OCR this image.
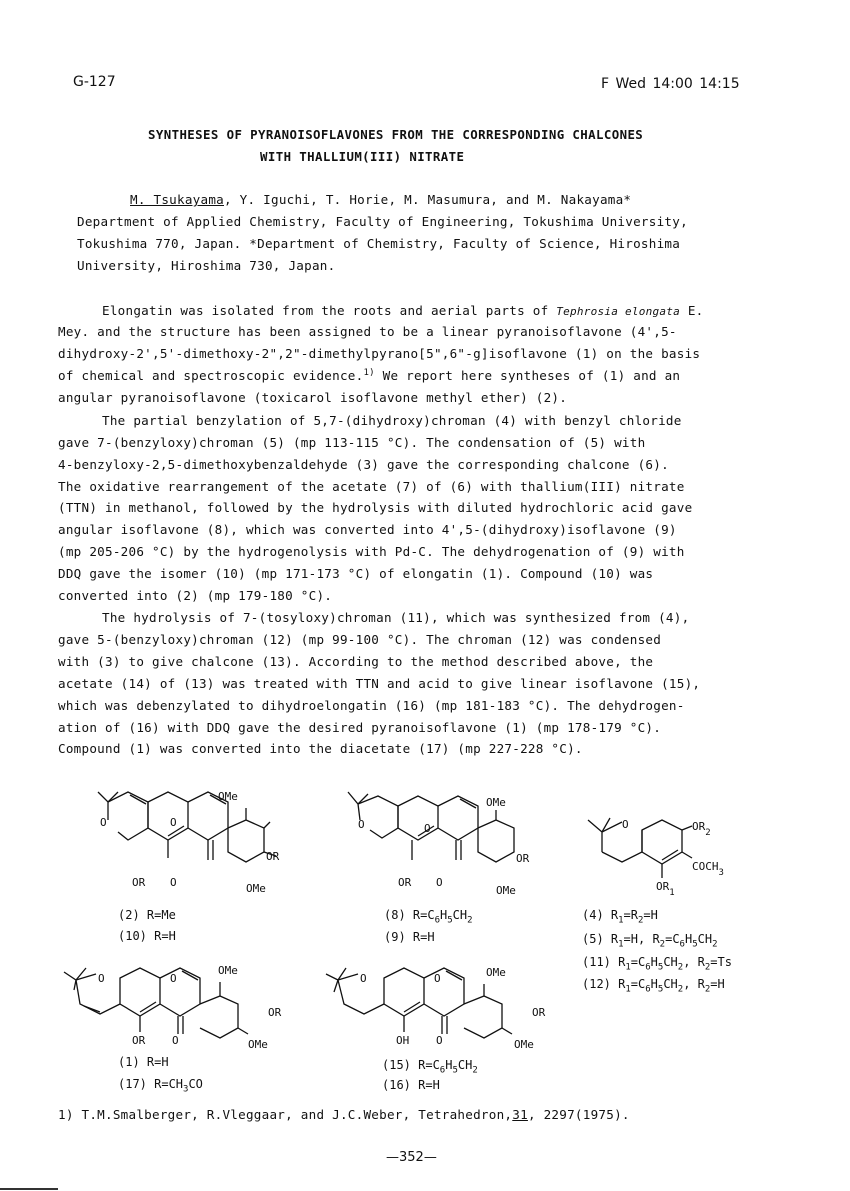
G-127	F Wed 14:00 14:15
SYNTHESES OF PYRANOISOFLAVONES FROM THE CORRESPONDING CHALCONES
WITH THALLIUM(III) NITRATE
M. Tsukayama, Y. Iguchi, T. Horie, M. Masumura, and M. Nakayama*
Department of Applied Chemistry, Faculty of Engineering, Tokushima University,
Tokushima 770, Japan. *Department of Chemistry, Faculty of Science, Hiroshima
University, Hiroshima 730, Japan.
Elongatin was isolated from the roots and aerial parts of Tephrosia elongata E.
Mey. and the structure has been assigned to be a linear pyranoisoflavone (4',5-
dihydroxy-2',5'-dimethoxy-2",2"-dimethylpyrano[5",6"-g]isoflavone (1) on the basis
of chemical and spectroscopic evidence.$^{1)}$ We report here syntheses of (1) and an
angular pyranoisoflavone (toxicarol isoflavone methyl ether) (2).
The partial benzylation of 5,7-(dihydroxy)chroman (4) with benzyl chloride
gave 7-(benzyloxy)chroman (5) (mp 113-115 °C). The condensation of (5) with
4-benzyloxy-2,5-dimethoxybenzaldehyde (3) gave the corresponding chalcone (6).
The oxidative rearrangement of the acetate (7) of (6) with thallium(III) nitrate
(TTN) in methanol, followed by the hydrolysis with diluted hydrochloric acid gave
angular isoflavone (8), which was converted into 4',5-(dihydroxy)isoflavone (9)
(mp 205-206 °C) by the hydrogenolysis with Pd-C. The dehydrogenation of (9) with
DDQ gave the isomer (10) (mp 171-173 °C) of elongatin (1). Compound (10) was
converted into (2) (mp 179-180 °C).
The hydrolysis of 7-(tosyloxy)chroman (11), which was synthesized from (4),
gave 5-(benzyloxy)chroman (12) (mp 99-100 °C). The chroman (12) was condensed
with (3) to give chalcone (13). According to the method described above, the
acetate (14) of (13) was treated with TTN and acid to give linear isoflavone (15),
which was debenzylated to dihydroelongatin (16) (mp 181-183 °C). The dehydrogen-
ation of (16) with DDQ gave the desired pyranoisoflavone (1) (mp 178-179 °C).
Compound (1) was converted into the diacetate (17) (mp 227-228 °C).
O	O
OMe
OR
OMe
OR O
(2) R=Me
(10) R=H
O	O
OMe
OR
OMe
OR O
(8) $R=C_6H_5CH_2$
(9) R=H
O	$OR_2$
$COCH_3$
$OR_1$
(4) $R_1=R_2=H$
(5) $R_1=H$, $R_2=C_6H_5CH_2$
(11) $R_1=C_6H_5CH_2$, $R_2=Ts$
(12) $R_1=C_6H_5CH_2$, $R_2=H$
O	O
OMe
OR
OMe
OR O
(1) R=H
(17) $R=CH_3CO$
O	O	OMe
OR
OMe
OH O
(15) $R=C_6H_5CH_2$
(16) R=H
1) T.M.Smalberger, R.Vleggaar, and J.C.Weber, Tetrahedron,31, 2297(1975).
—352—
